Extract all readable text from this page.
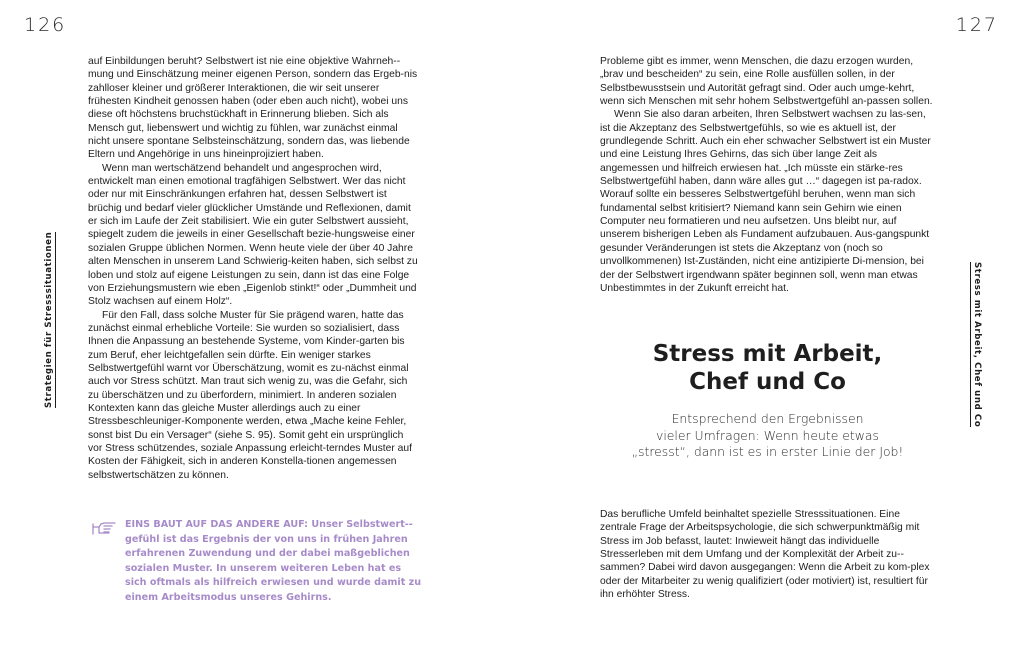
126	127
Strategien für Stresssituationen	Stress mit Arbeit, Chef und Co

auf Einbildungen beruht? Selbstwert ist nie eine objektive Wahrneh-mung und Einschätzung meiner eigenen Person, sondern das Ergeb-nis zahlloser kleiner und größerer Interaktionen, die wir seit unserer frühesten Kindheit genossen haben (oder eben auch nicht), wobei uns diese oft höchstens bruchstückhaft in Erinnerung blieben. Sich als Mensch gut, liebenswert und wichtig zu fühlen, war zunächst einmal nicht unsere spontane Selbsteinschätzung, sondern das, was liebende Eltern und Angehörige in uns hineinprojiziert haben.

Wenn man wertschätzend behandelt und angesprochen wird, entwickelt man einen emotional tragfähigen Selbstwert. Wer das nicht oder nur mit Einschränkungen erfahren hat, dessen Selbstwert ist brüchig und bedarf vieler glücklicher Umstände und Reflexionen, damit er sich im Laufe der Zeit stabilisiert. Wie ein guter Selbstwert aussieht, spiegelt zudem die jeweils in einer Gesellschaft bezie-hungsweise einer sozialen Gruppe üblichen Normen. Wenn heute viele der über 40 Jahre alten Menschen in unserem Land Schwierig-keiten haben, sich selbst zu loben und stolz auf eigene Leistungen zu sein, dann ist das eine Folge von Erziehungsmustern wie eben „Eigenlob stinkt!“ oder „Dummheit und Stolz wachsen auf einem Holz“.

Für den Fall, dass solche Muster für Sie prägend waren, hatte das zunächst einmal erhebliche Vorteile: Sie wurden so sozialisiert, dass Ihnen die Anpassung an bestehende Systeme, vom Kinder-garten bis zum Beruf, eher leichtgefallen sein dürfte. Ein weniger starkes Selbstwertgefühl warnt vor Überschätzung, womit es zu-nächst einmal auch vor Stress schützt. Man traut sich wenig zu, was die Gefahr, sich zu überschätzen und zu überfordern, minimiert. In anderen sozialen Kontexten kann das gleiche Muster allerdings auch zu einer Stressbeschleuniger-Komponente werden, etwa „Mache keine Fehler, sonst bist Du ein Versager“ (siehe S. 95). Somit geht ein ursprünglich vor Stress schützendes, soziale Anpassung erleicht-terndes Muster auf Kosten der Fähigkeit, sich in anderen Konstella-tionen angemessen selbstwertschätzen zu können.

EINS BAUT AUF DAS ANDERE AUF: Unser Selbstwert-gefühl ist das Ergebnis der von uns in frühen Jahren erfahrenen Zuwendung und der dabei maßgeblichen sozialen Muster. In unserem weiteren Leben hat es sich oftmals als hilfreich erwiesen und wurde damit zu einem Arbeitsmodus unseres Gehirns.

Probleme gibt es immer, wenn Menschen, die dazu erzogen wurden, „brav und bescheiden“ zu sein, eine Rolle ausfüllen sollen, in der Selbstbewusstsein und Autorität gefragt sind. Oder auch umge-kehrt, wenn sich Menschen mit sehr hohem Selbstwertgefühl an-passen sollen.

Wenn Sie also daran arbeiten, Ihren Selbstwert wachsen zu las-sen, ist die Akzeptanz des Selbstwertgefühls, so wie es aktuell ist, der grundlegende Schritt. Auch ein eher schwacher Selbstwert ist ein Muster und eine Leistung Ihres Gehirns, das sich über lange Zeit als angemessen und hilfreich erwiesen hat. „Ich müsste ein stärke-res Selbstwertgefühl haben, dann wäre alles gut …“ dagegen ist pa-radox. Worauf sollte ein besseres Selbstwertgefühl beruhen, wenn man sich fundamental selbst kritisiert? Niemand kann sein Gehirn wie einen Computer neu formatieren und neu aufsetzen. Uns bleibt nur, auf unserem bisherigen Leben als Fundament aufzubauen. Aus-gangspunkt gesunder Veränderungen ist stets die Akzeptanz von (noch so unvollkommenen) Ist-Zuständen, nicht eine antizipierte Di-mension, bei der der Selbstwert irgendwann später beginnen soll, wenn man etwas Unbestimmtes in der Zukunft erreicht hat.

Stress mit Arbeit,
Chef und Co
Entsprechend den Ergebnissen
vieler Umfragen: Wenn heute etwas
„stresst“, dann ist es in erster Linie der Job!

Das berufliche Umfeld beinhaltet spezielle Stresssituationen. Eine zentrale Frage der Arbeitspsychologie, die sich schwerpunktmäßig mit Stress im Job befasst, lautet: Inwieweit hängt das individuelle Stresserleben mit dem Umfang und der Komplexität der Arbeit zu-sammen? Dabei wird davon ausgegangen: Wenn die Arbeit zu kom-plex oder der Mitarbeiter zu wenig qualifiziert (oder motiviert) ist, resultiert für ihn erhöhter Stress.
